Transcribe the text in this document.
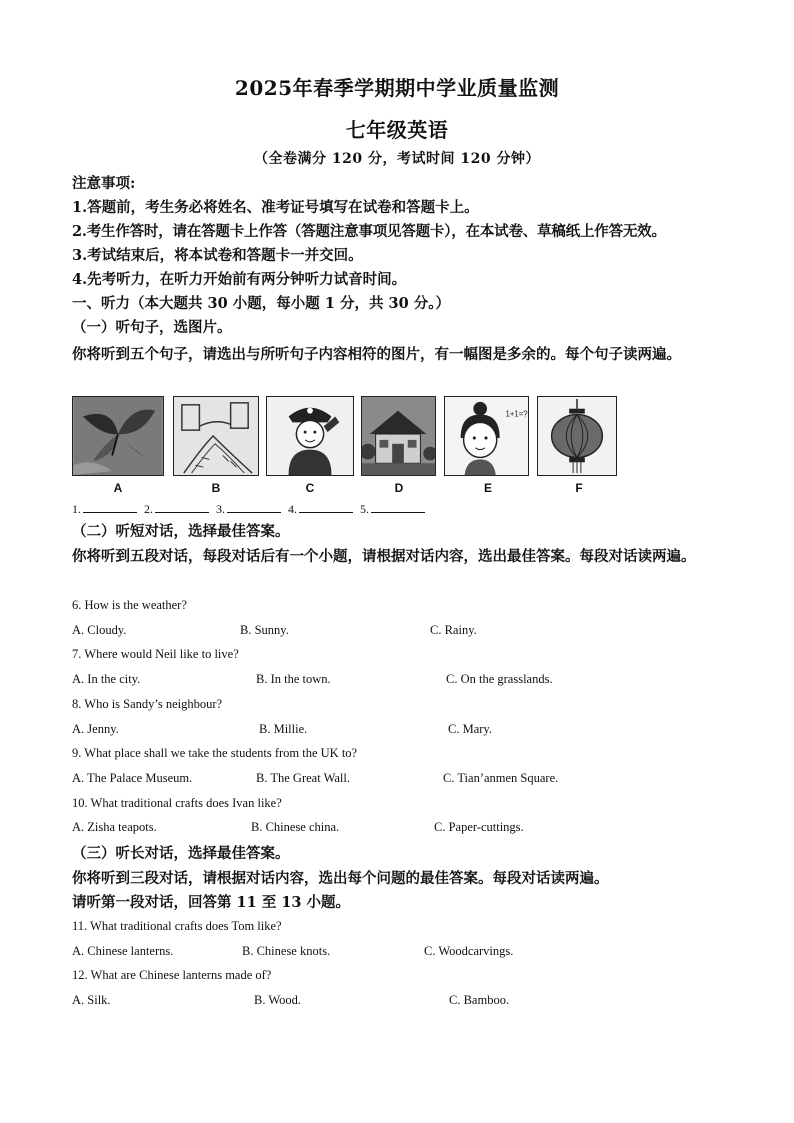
2025年春季学期期中学业质量监测
七年级英语
（全卷满分 120 分，考试时间 120 分钟）
注意事项:
1.答题前，考生务必将姓名、准考证号填写在试卷和答题卡上。
2.考生作答时，请在答题卡上作答（答题注意事项见答题卡），在本试卷、草稿纸上作答无效。
3.考试结束后，将本试卷和答题卡一并交回。
4.先考听力，在听力开始前有两分钟听力试音时间。
一、听力（本大题共 30 小题，每小题 1 分，共 30 分。）
（一）听句子，选图片。
你将听到五个句子，请选出与所听句子内容相符的图片，有一幅图是多余的。每个句子读两遍。
1+1=?
A	B	C	D	E	F
1.	2.	3.	4.	5.
（二）听短对话，选择最佳答案。
你将听到五段对话，每段对话后有一个小题，请根据对话内容，选出最佳答案。每段对话读两遍。
6. How is the weather?
A. Cloudy.	B. Sunny.	C. Rainy.
7. Where would Neil like to live?
A. In the city.	B. In the town.	C. On the grasslands.
8. Who is Sandy’s neighbour?
A. Jenny.	B. Millie.	C. Mary.
9. What place shall we take the students from the UK to?
A. The Palace Museum.	B. The Great Wall.	C. Tian’anmen Square.
10. What traditional crafts does Ivan like?
A. Zisha teapots.	B. Chinese china.	C. Paper-cuttings.
（三）听长对话，选择最佳答案。
你将听到三段对话，请根据对话内容，选出每个问题的最佳答案。每段对话读两遍。
请听第一段对话，回答第 11 至 13 小题。
11. What traditional crafts does Tom like?
A. Chinese lanterns.	B. Chinese knots.	C. Woodcarvings.
12. What are Chinese lanterns made of?
A. Silk.	B. Wood.	C. Bamboo.
